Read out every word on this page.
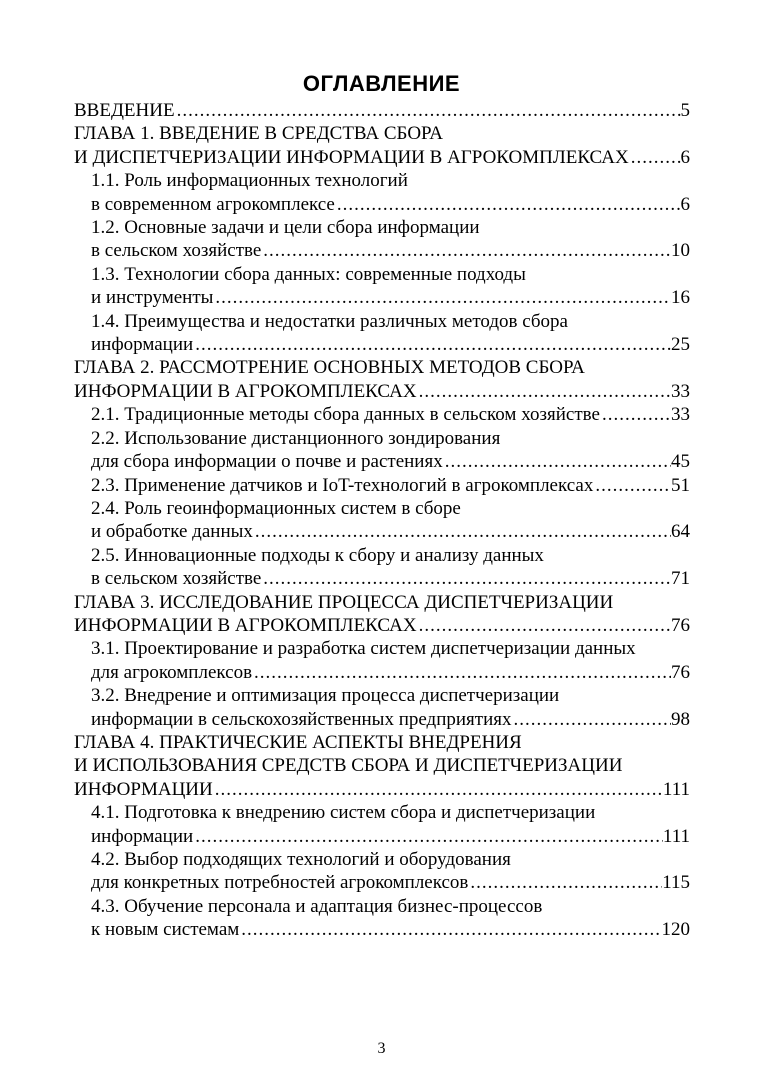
ОГЛАВЛЕНИЕ
ВВЕДЕНИЕ .....	5
ГЛАВА 1. ВВЕДЕНИЕ В СРЕДСТВА СБОРА
И ДИСПЕТЧЕРИЗАЦИИ ИНФОРМАЦИИ В АГРОКОМПЛЕКСАХ .....	6
1.1. Роль информационных технологий
в современном агрокомплексе .....	6
1.2. Основные задачи и цели сбора информации
в сельском хозяйстве .....	10
1.3. Технологии сбора данных: современные подходы
и инструменты .....	16
1.4. Преимущества и недостатки различных методов сбора
информации .....	25
ГЛАВА 2. РАССМОТРЕНИЕ ОСНОВНЫХ МЕТОДОВ СБОРА
ИНФОРМАЦИИ В АГРОКОМПЛЕКСАХ .....	33
2.1. Традиционные методы сбора данных в сельском хозяйстве .....	33
2.2. Использование дистанционного зондирования
для сбора информации о почве и растениях .....	45
2.3. Применение датчиков и IoT-технологий в агрокомплексах .....	51
2.4. Роль геоинформационных систем в сборе
и обработке данных .....	64
2.5. Инновационные подходы к сбору и анализу данных
в сельском хозяйстве .....	71
ГЛАВА 3. ИССЛЕДОВАНИЕ ПРОЦЕССА ДИСПЕТЧЕРИЗАЦИИ
ИНФОРМАЦИИ В АГРОКОМПЛЕКСАХ .....	76
3.1. Проектирование и разработка систем диспетчеризации данных
для агрокомплексов .....	76
3.2. Внедрение и оптимизация процесса диспетчеризации
информации в сельскохозяйственных предприятиях .....	98
ГЛАВА 4. ПРАКТИЧЕСКИЕ АСПЕКТЫ ВНЕДРЕНИЯ
И ИСПОЛЬЗОВАНИЯ СРЕДСТВ СБОРА И ДИСПЕТЧЕРИЗАЦИИ
ИНФОРМАЦИИ .....	111
4.1. Подготовка к внедрению систем сбора и диспетчеризации
информации .....	111
4.2. Выбор подходящих технологий и оборудования
для конкретных потребностей агрокомплексов .....	115
4.3. Обучение персонала и адаптация бизнес-процессов
к новым системам .....	120
3
